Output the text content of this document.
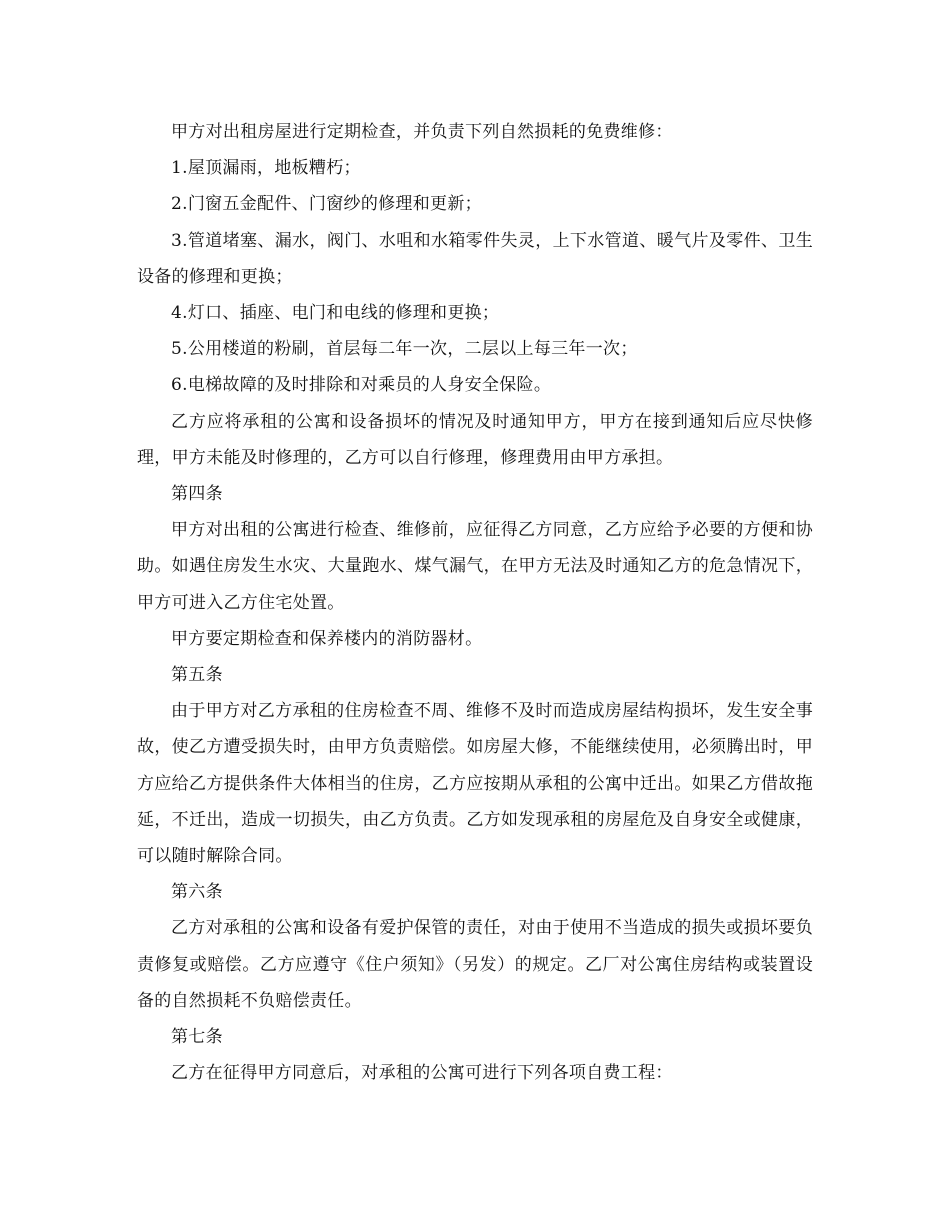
甲方对出租房屋进行定期检查，并负责下列自然损耗的免费维修：

1.屋顶漏雨，地板糟朽；

2.门窗五金配件、门窗纱的修理和更新；

3.管道堵塞、漏水，阀门、水咀和水箱零件失灵，上下水管道、暖气片及零件、卫生设备的修理和更换；

4.灯口、插座、电门和电线的修理和更换；

5.公用楼道的粉刷，首层每二年一次，二层以上每三年一次；

6.电梯故障的及时排除和对乘员的人身安全保险。

乙方应将承租的公寓和设备损坏的情况及时通知甲方，甲方在接到通知后应尽快修理，甲方未能及时修理的，乙方可以自行修理，修理费用由甲方承担。

第四条

甲方对出租的公寓进行检查、维修前，应征得乙方同意，乙方应给予必要的方便和协助。如遇住房发生水灾、大量跑水、煤气漏气，在甲方无法及时通知乙方的危急情况下，甲方可进入乙方住宅处置。

甲方要定期检查和保养楼内的消防器材。

第五条

由于甲方对乙方承租的住房检查不周、维修不及时而造成房屋结构损坏，发生安全事故，使乙方遭受损失时，由甲方负责赔偿。如房屋大修，不能继续使用，必须腾出时，甲方应给乙方提供条件大体相当的住房，乙方应按期从承租的公寓中迁出。如果乙方借故拖延，不迁出，造成一切损失，由乙方负责。乙方如发现承租的房屋危及自身安全或健康，可以随时解除合同。

第六条

乙方对承租的公寓和设备有爱护保管的责任，对由于使用不当造成的损失或损坏要负责修复或赔偿。乙方应遵守《住户须知》（另发）的规定。乙厂对公寓住房结构或装置设备的自然损耗不负赔偿责任。

第七条

乙方在征得甲方同意后，对承租的公寓可进行下列各项自费工程：
